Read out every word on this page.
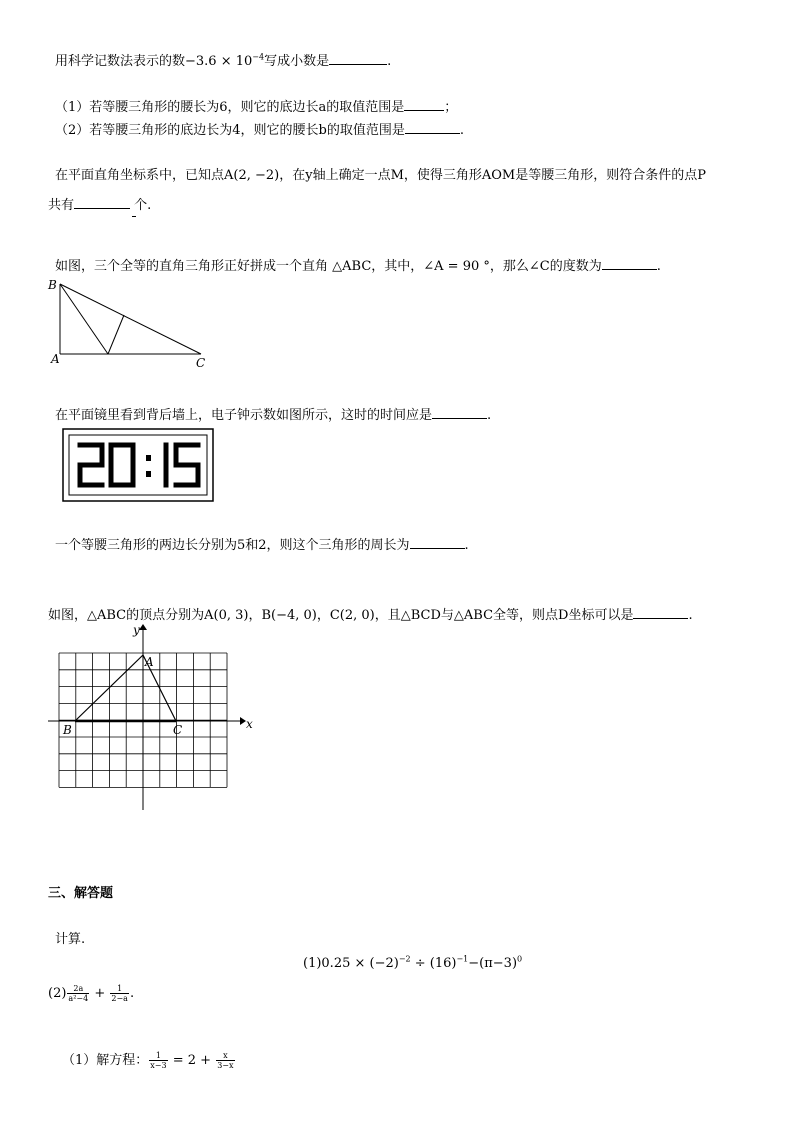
用科学记数法表示的数$-3.6 \times 10^{-4}$写成小数是	.
（1）若等腰三角形的腰长为6，则它的底边长a的取值范围是	；
（2）若等腰三角形的底边长为4，则它的腰长b的取值范围是	.
在平面直角坐标系中，已知点A(2, −2)，在y轴上确定一点M，使得三角形AOM是等腰三角形，则符合条件的点P
共有	个.
如图，三个全等的直角三角形正好拼成一个直角 △ABC，其中，∠A = 90 °，那么∠C的度数为	.
B
A	C
在平面镜里看到背后墙上，电子钟示数如图所示，这时的时间应是	.
一个等腰三角形的两边长分别为5和2，则这个三角形的周长为	.
如图，△ABC的顶点分别为A(0, 3)，B(−4, 0)，C(2, 0)，且△BCD与△ABC全等，则点D坐标可以是	.
y
x
A
B	C
三、解答题
计算.
$(1)0.25 \times (-2)^{-2} \div (16)^{-1}-(\pi-3)^0$
$(2) \frac{2a}{\text{a²−4}} + \frac{1}{2-a}$ .
（1）解方程： $\frac{1}{x-3} = 2 + \frac{x}{3-x}$
